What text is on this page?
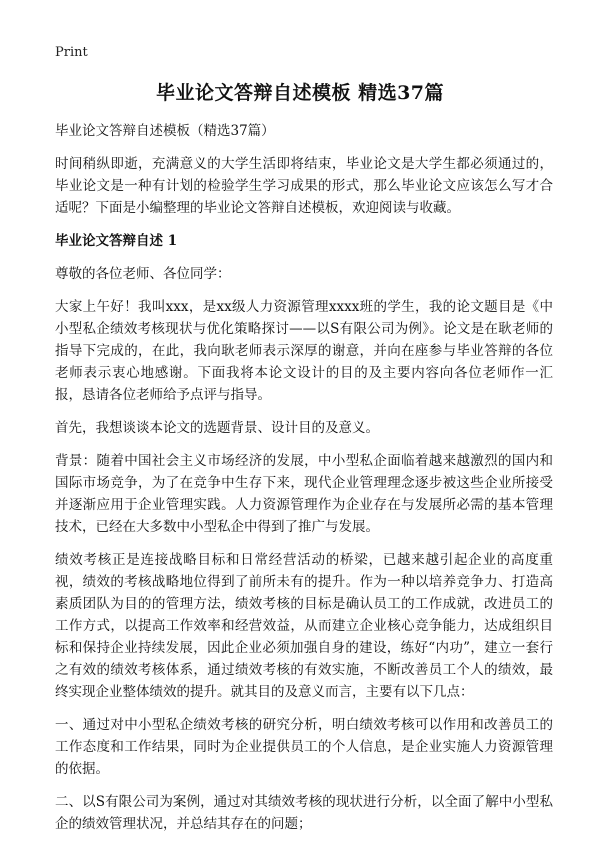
Print
毕业论文答辩自述模板 精选37篇

毕业论文答辩自述模板（精选37篇）

时间稍纵即逝，充满意义的大学生活即将结束，毕业论文是大学生都必须通过的，毕业论文是一种有计划的检验学生学习成果的形式，那么毕业论文应该怎么写才合适呢？下面是小编整理的毕业论文答辩自述模板，欢迎阅读与收藏。

毕业论文答辩自述 1

尊敬的各位老师、各位同学：

大家上午好！我叫xxx，是xx级人力资源管理xxxx班的学生，我的论文题目是《中小型私企绩效考核现状与优化策略探讨——以S有限公司为例》。论文是在耿老师的指导下完成的，在此，我向耿老师表示深厚的谢意，并向在座参与毕业答辩的各位老师表示衷心地感谢。下面我将本论文设计的目的及主要内容向各位老师作一汇报，恳请各位老师给予点评与指导。

首先，我想谈谈本论文的选题背景、设计目的及意义。

背景：随着中国社会主义市场经济的发展，中小型私企面临着越来越激烈的国内和国际市场竞争，为了在竞争中生存下来，现代企业管理理念逐步被这些企业所接受并逐渐应用于企业管理实践。人力资源管理作为企业存在与发展所必需的基本管理技术，已经在大多数中小型私企中得到了推广与发展。

绩效考核正是连接战略目标和日常经营活动的桥梁，已越来越引起企业的高度重视，绩效的考核战略地位得到了前所未有的提升。作为一种以培养竞争力、打造高素质团队为目的的管理方法，绩效考核的目标是确认员工的工作成就，改进员工的工作方式，以提高工作效率和经营效益，从而建立企业核心竞争能力，达成组织目标和保持企业持续发展，因此企业必须加强自身的建设，练好“内功”，建立一套行之有效的绩效考核体系，通过绩效考核的有效实施，不断改善员工个人的绩效，最终实现企业整体绩效的提升。就其目的及意义而言，主要有以下几点：

一、通过对中小型私企绩效考核的研究分析，明白绩效考核可以作用和改善员工的工作态度和工作结果，同时为企业提供员工的个人信息，是企业实施人力资源管理的依据。

二、以S有限公司为案例，通过对其绩效考核的现状进行分析，以全面了解中小型私企的绩效管理状况，并总结其存在的问题；
